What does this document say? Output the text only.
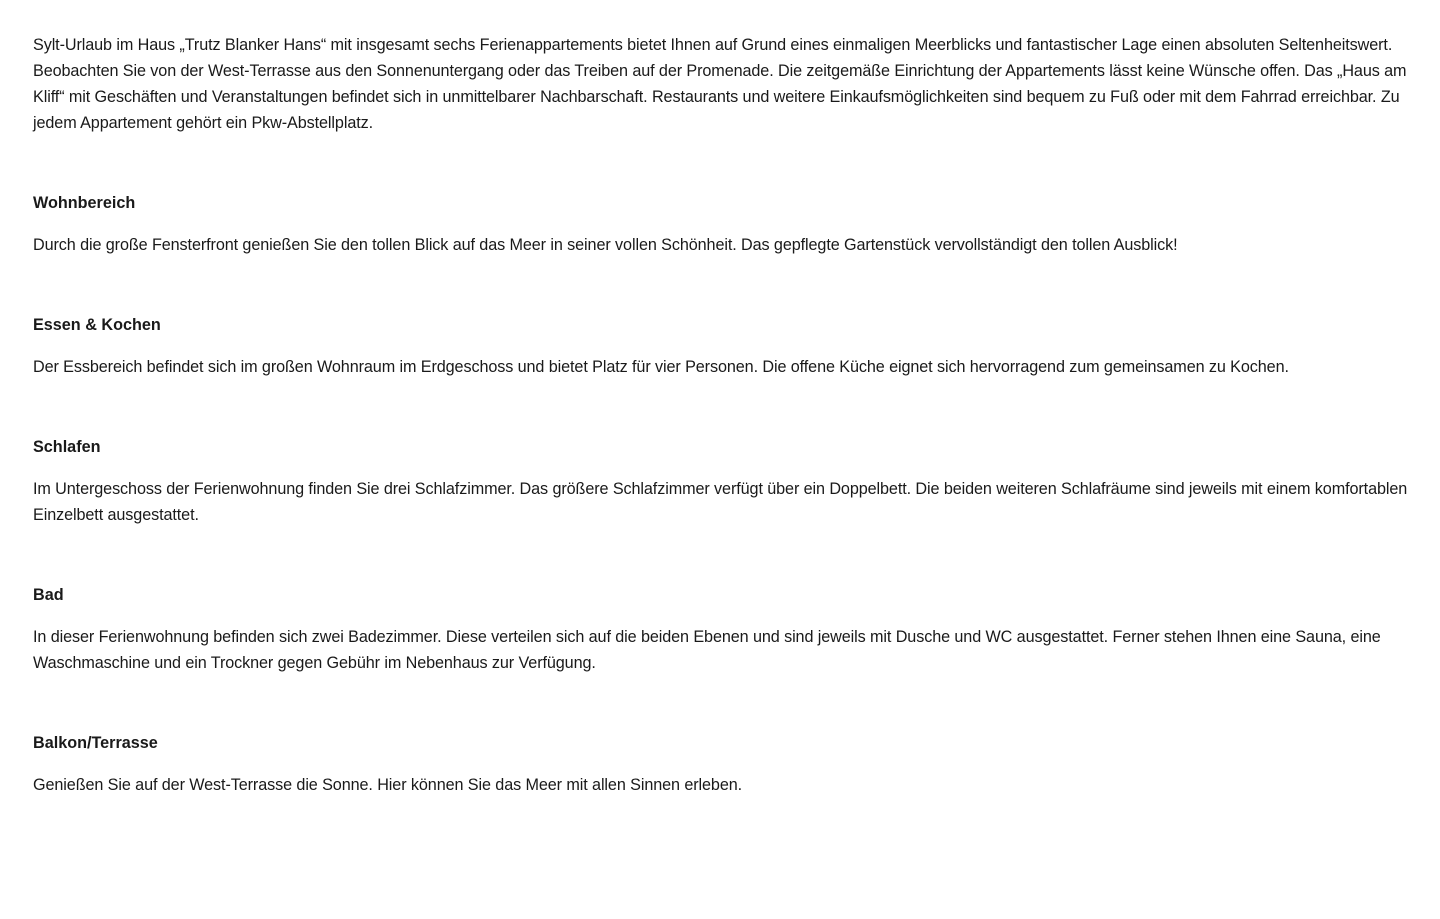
Sylt-Urlaub im Haus „Trutz Blanker Hans“ mit insgesamt sechs Ferienappartements bietet Ihnen auf Grund eines einmaligen Meerblicks und fantastischer Lage einen absoluten Seltenheitswert. Beobachten Sie von der West-Terrasse aus den Sonnenuntergang oder das Treiben auf der Promenade. Die zeitgemäße Einrichtung der Appartements lässt keine Wünsche offen. Das „Haus am Kliff“ mit Geschäften und Veranstaltungen befindet sich in unmittelbarer Nachbarschaft. Restaurants und weitere Einkaufsmöglichkeiten sind bequem zu Fuß oder mit dem Fahrrad erreichbar. Zu jedem Appartement gehört ein Pkw-Abstellplatz.

Wohnbereich

Durch die große Fensterfront genießen Sie den tollen Blick auf das Meer in seiner vollen Schönheit. Das gepflegte Gartenstück vervollständigt den tollen Ausblick!

Essen & Kochen

Der Essbereich befindet sich im großen Wohnraum im Erdgeschoss und bietet Platz für vier Personen. Die offene Küche eignet sich hervorragend zum gemeinsamen zu Kochen.

Schlafen

Im Untergeschoss der Ferienwohnung finden Sie drei Schlafzimmer. Das größere Schlafzimmer verfügt über ein Doppelbett. Die beiden weiteren Schlafräume sind jeweils mit einem komfortablen Einzelbett ausgestattet.

Bad

In dieser Ferienwohnung befinden sich zwei Badezimmer. Diese verteilen sich auf die beiden Ebenen und sind jeweils mit Dusche und WC ausgestattet. Ferner stehen Ihnen eine Sauna, eine Waschmaschine und ein Trockner gegen Gebühr im Nebenhaus zur Verfügung.

Balkon/Terrasse

Genießen Sie auf der West-Terrasse die Sonne. Hier können Sie das Meer mit allen Sinnen erleben.
